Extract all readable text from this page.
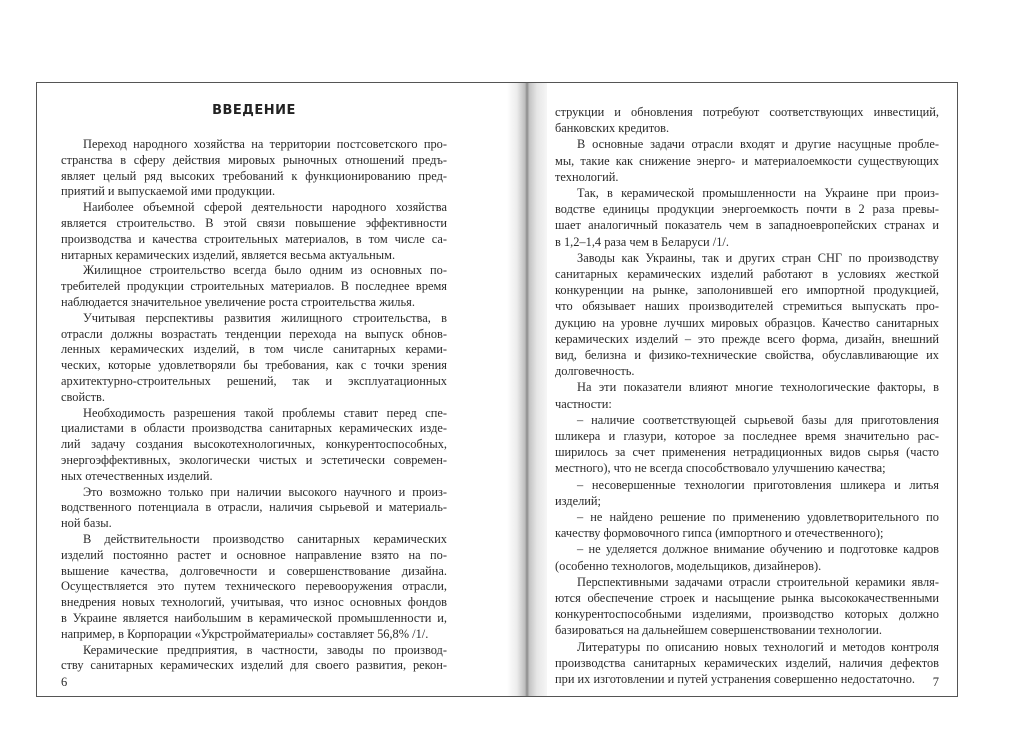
ВВЕДЕНИЕ
6
Переход народного хозяйства на территории постсоветского про-
странства в сферу действия мировых рыночных отношений предъ-
являет целый ряд высоких требований к функционированию пред-
приятий и выпускаемой ими продукции.
Наиболее объемной сферой деятельности народного хозяйства
является строительство. В этой связи повышение эффективности
производства и качества строительных материалов, в том числе са-
нитарных керамических изделий, является весьма актуальным.
Жилищное строительство всегда было одним из основных по-
требителей продукции строительных материалов. В последнее время
наблюдается значительное увеличение роста строительства жилья.
Учитывая перспективы развития жилищного строительства, в
отрасли должны возрастать тенденции перехода на выпуск обнов-
ленных керамических изделий, в том числе санитарных керами-
ческих, которые удовлетворяли бы требования, как с точки зрения
архитектурно-строительных решений, так и эксплуатационных
свойств.
Необходимость разрешения такой проблемы ставит перед спе-
циалистами в области производства санитарных керамических изде-
лий задачу создания высокотехнологичных, конкурентоспособных,
энергоэффективных, экологически чистых и эстетически современ-
ных отечественных изделий.
Это возможно только при наличии высокого научного и произ-
водственного потенциала в отрасли, наличия сырьевой и материаль-
ной базы.
В действительности производство санитарных керамических
изделий постоянно растет и основное направление взято на по-
вышение качества, долговечности и совершенствование дизайна.
Осуществляется это путем технического перевооружения отрасли,
внедрения новых технологий, учитывая, что износ основных фондов
в Украине является наибольшим в керамической промышленности и,
например, в Корпорации «Укрстройматериалы» составляет 56,8% /1/.
Керамические предприятия, в частности, заводы по производ-
ству санитарных керамических изделий для своего развития, рекон-
7
струкции и обновления потребуют соответствующих инвестиций,
банковских кредитов.
В основные задачи отрасли входят и другие насущные пробле-
мы, такие как снижение энерго- и материалоемкости существующих
технологий.
Так, в керамической промышленности на Украине при произ-
водстве единицы продукции энергоемкость почти в 2 раза превы-
шает аналогичный показатель чем в западноевропейских странах и
в 1,2–1,4 раза чем в Беларуси /1/.
Заводы как Украины, так и других стран СНГ по производству
санитарных керамических изделий работают в условиях жесткой
конкуренции на рынке, заполонившей его импортной продукцией,
что обязывает наших производителей стремиться выпускать про-
дукцию на уровне лучших мировых образцов. Качество санитарных
керамических изделий – это прежде всего форма, дизайн, внешний
вид, белизна и физико-технические свойства, обуславливающие их
долговечность.
На эти показатели влияют многие технологические факторы, в
частности:
– наличие соответствующей сырьевой базы для приготовления
шликера и глазури, которое за последнее время значительно рас-
ширилось за счет применения нетрадиционных видов сырья (часто
местного), что не всегда способствовало улучшению качества;
– несовершенные технологии приготовления шликера и литья
изделий;
– не найдено решение по применению удовлетворительного по
качеству формовочного гипса (импортного и отечественного);
– не уделяется должное внимание обучению и подготовке кадров
(особенно технологов, модельщиков, дизайнеров).
Перспективными задачами отрасли строительной керамики явля-
ются обеспечение строек и насыщение рынка высококачественными
конкурентоспособными изделиями, производство которых должно
базироваться на дальнейшем совершенствовании технологии.
Литературы по описанию новых технологий и методов контроля
производства санитарных керамических изделий, наличия дефектов
при их изготовлении и путей устранения совершенно недостаточно.
